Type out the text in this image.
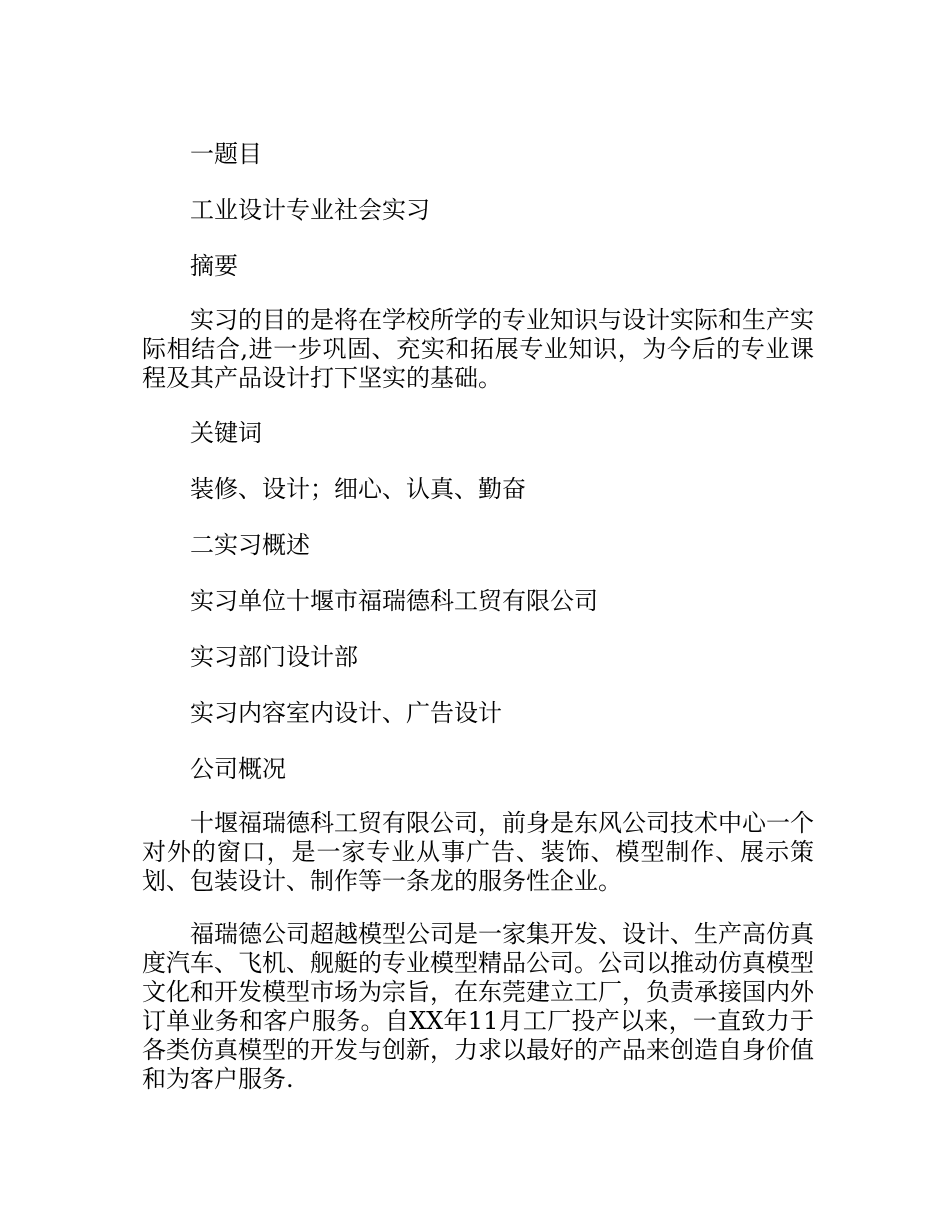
一题目
工业设计专业社会实习
摘要
实习的目的是将在学校所学的专业知识与设计实际和生产实际相结合,进一步巩固、充实和拓展专业知识，为今后的专业课程及其产品设计打下坚实的基础。
关键词
装修、设计；细心、认真、勤奋
二实习概述
实习单位十堰市福瑞德科工贸有限公司
实习部门设计部
实习内容室内设计、广告设计
公司概况
十堰福瑞德科工贸有限公司，前身是东风公司技术中心一个对外的窗口，是一家专业从事广告、装饰、模型制作、展示策划、包装设计、制作等一条龙的服务性企业。
福瑞德公司超越模型公司是一家集开发、设计、生产高仿真度汽车、飞机、舰艇的专业模型精品公司。公司以推动仿真模型文化和开发模型市场为宗旨，在东莞建立工厂，负责承接国内外订单业务和客户服务。自XX年11月工厂投产以来，一直致力于各类仿真模型的开发与创新，力求以最好的产品来创造自身价值和为客户服务.
